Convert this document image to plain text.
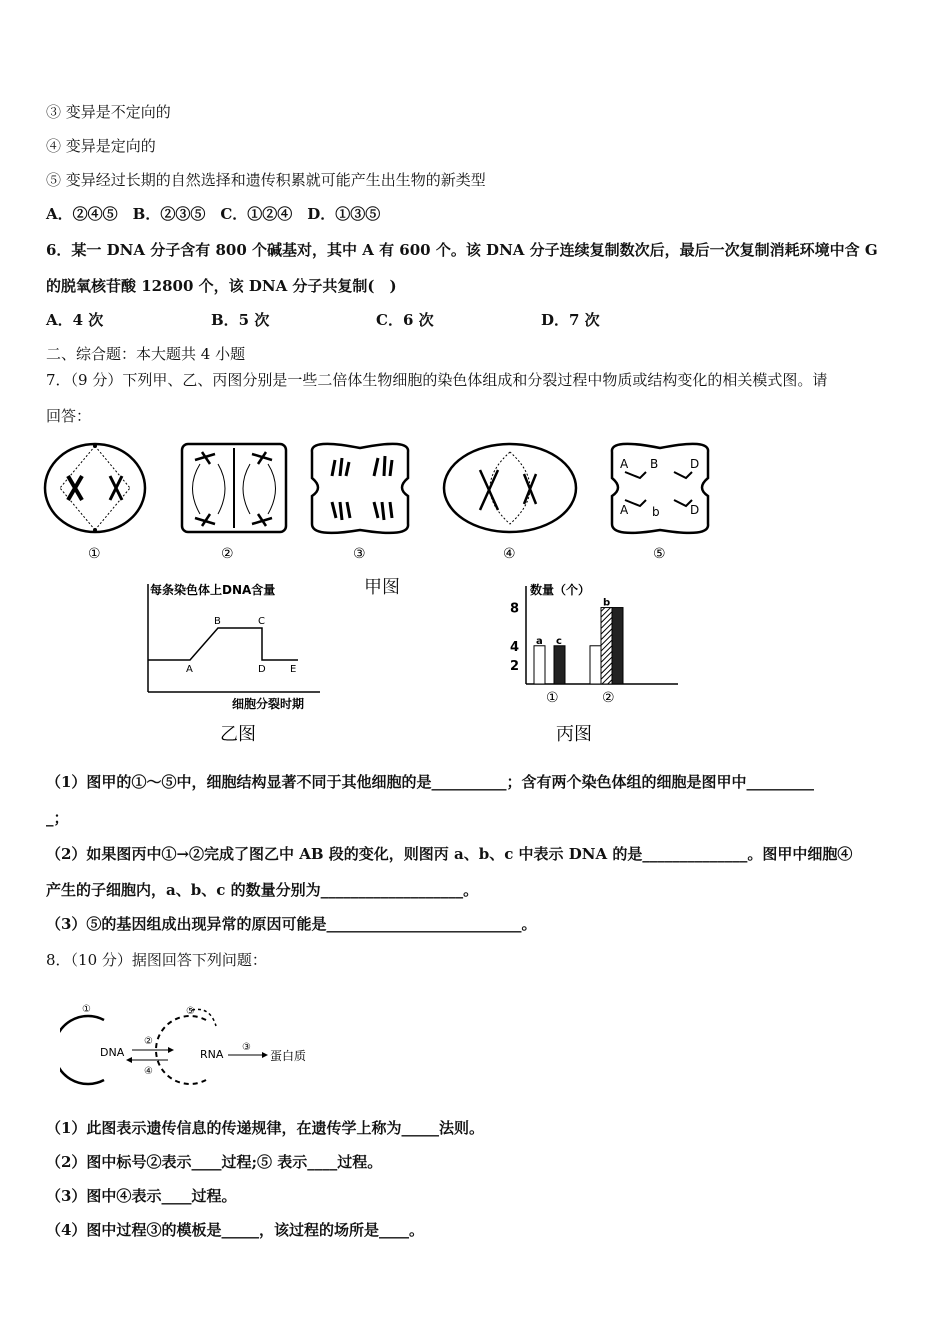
③ 变异是不定向的
④ 变异是定向的
⑤ 变异经过长期的自然选择和遗传积累就可能产生出生物的新类型
A．②④⑤　B．②③⑤　C．①②④　D．①③⑤
6．某一 DNA 分子含有 800 个碱基对，其中 A 有 600 个。该 DNA 分子连续复制数次后，最后一次复制消耗环境中含 G
的脱氧核苷酸 12800 个，该 DNA 分子共复制(　)
A．4 次	B．5 次	C．6 次	D．7 次
二、综合题：本大题共 4 小题
7．（9 分）下列甲、乙、丙图分别是一些二倍体生物细胞的染色体组成和分裂过程中物质或结构变化的相关模式图。请
回答：
A B	D
A b	D
①	②	③	④	⑤
每条染色体上DNA含量
A
B	C
D E
细胞分裂时期
乙图
甲图	数量（个）
2
4
8
a c
b
①	②
丙图
（1）图甲的①～⑤中，细胞结构显著不同于其他细胞的是__________；含有两个染色体组的细胞是图甲中_________
_；
（2）如果图丙中①→②完成了图乙中 AB 段的变化，则图丙 a、b、c 中表示 DNA 的是______________。图甲中细胞④
产生的子细胞内，a、b、c 的数量分别为___________________。
（3）⑤的基因组成出现异常的原因可能是__________________________。
8．（10 分）据图回答下列问题：
①
DNA
②
④
⑤
RNA
③
蛋白质
（1）此图表示遗传信息的传递规律，在遗传学上称为_____法则。
（2）图中标号②表示____过程;⑤ 表示____过程。
（3）图中④表示____过程。
（4）图中过程③的模板是_____，该过程的场所是____。
